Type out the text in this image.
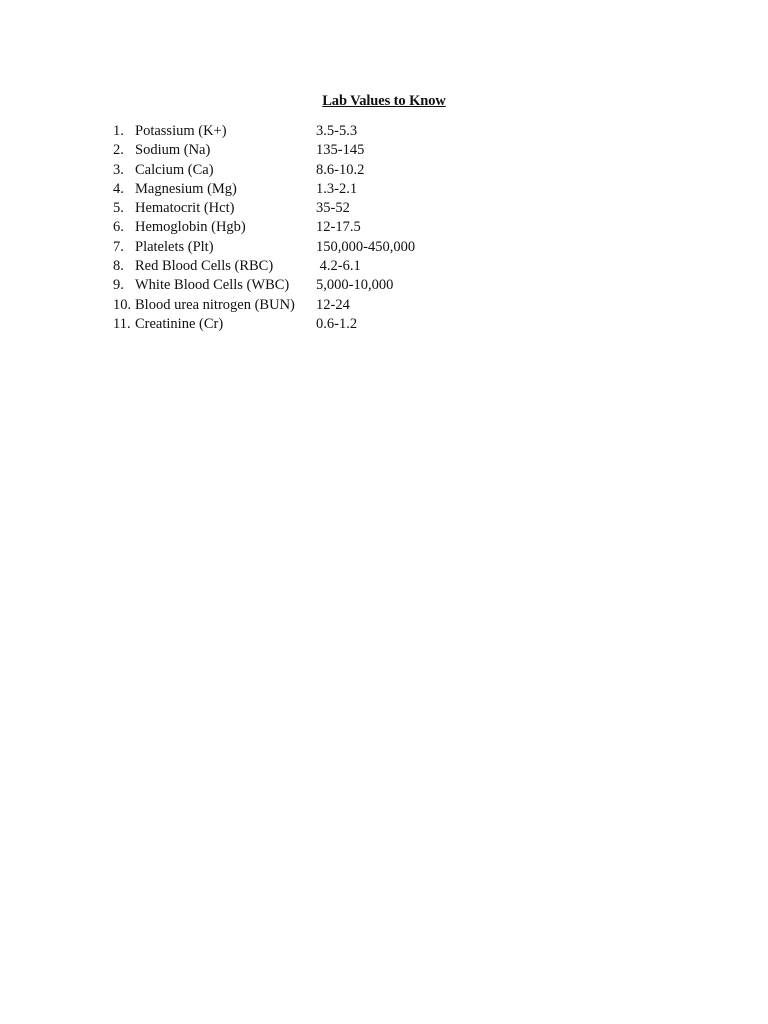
Lab Values to Know
1. Potassium (K+)	3.5-5.3
2. Sodium (Na)	135-145
3. Calcium (Ca)	8.6-10.2
4. Magnesium (Mg)	1.3-2.1
5. Hematocrit (Hct)	35-52
6. Hemoglobin (Hgb)	12-17.5
7. Platelets (Plt)	150,000-450,000
8. Red Blood Cells (RBC)	4.2-6.1
9. White Blood Cells (WBC) 5,000-10,000
10. Blood urea nitrogen (BUN) 12-24
11. Creatinine (Cr)	0.6-1.2
